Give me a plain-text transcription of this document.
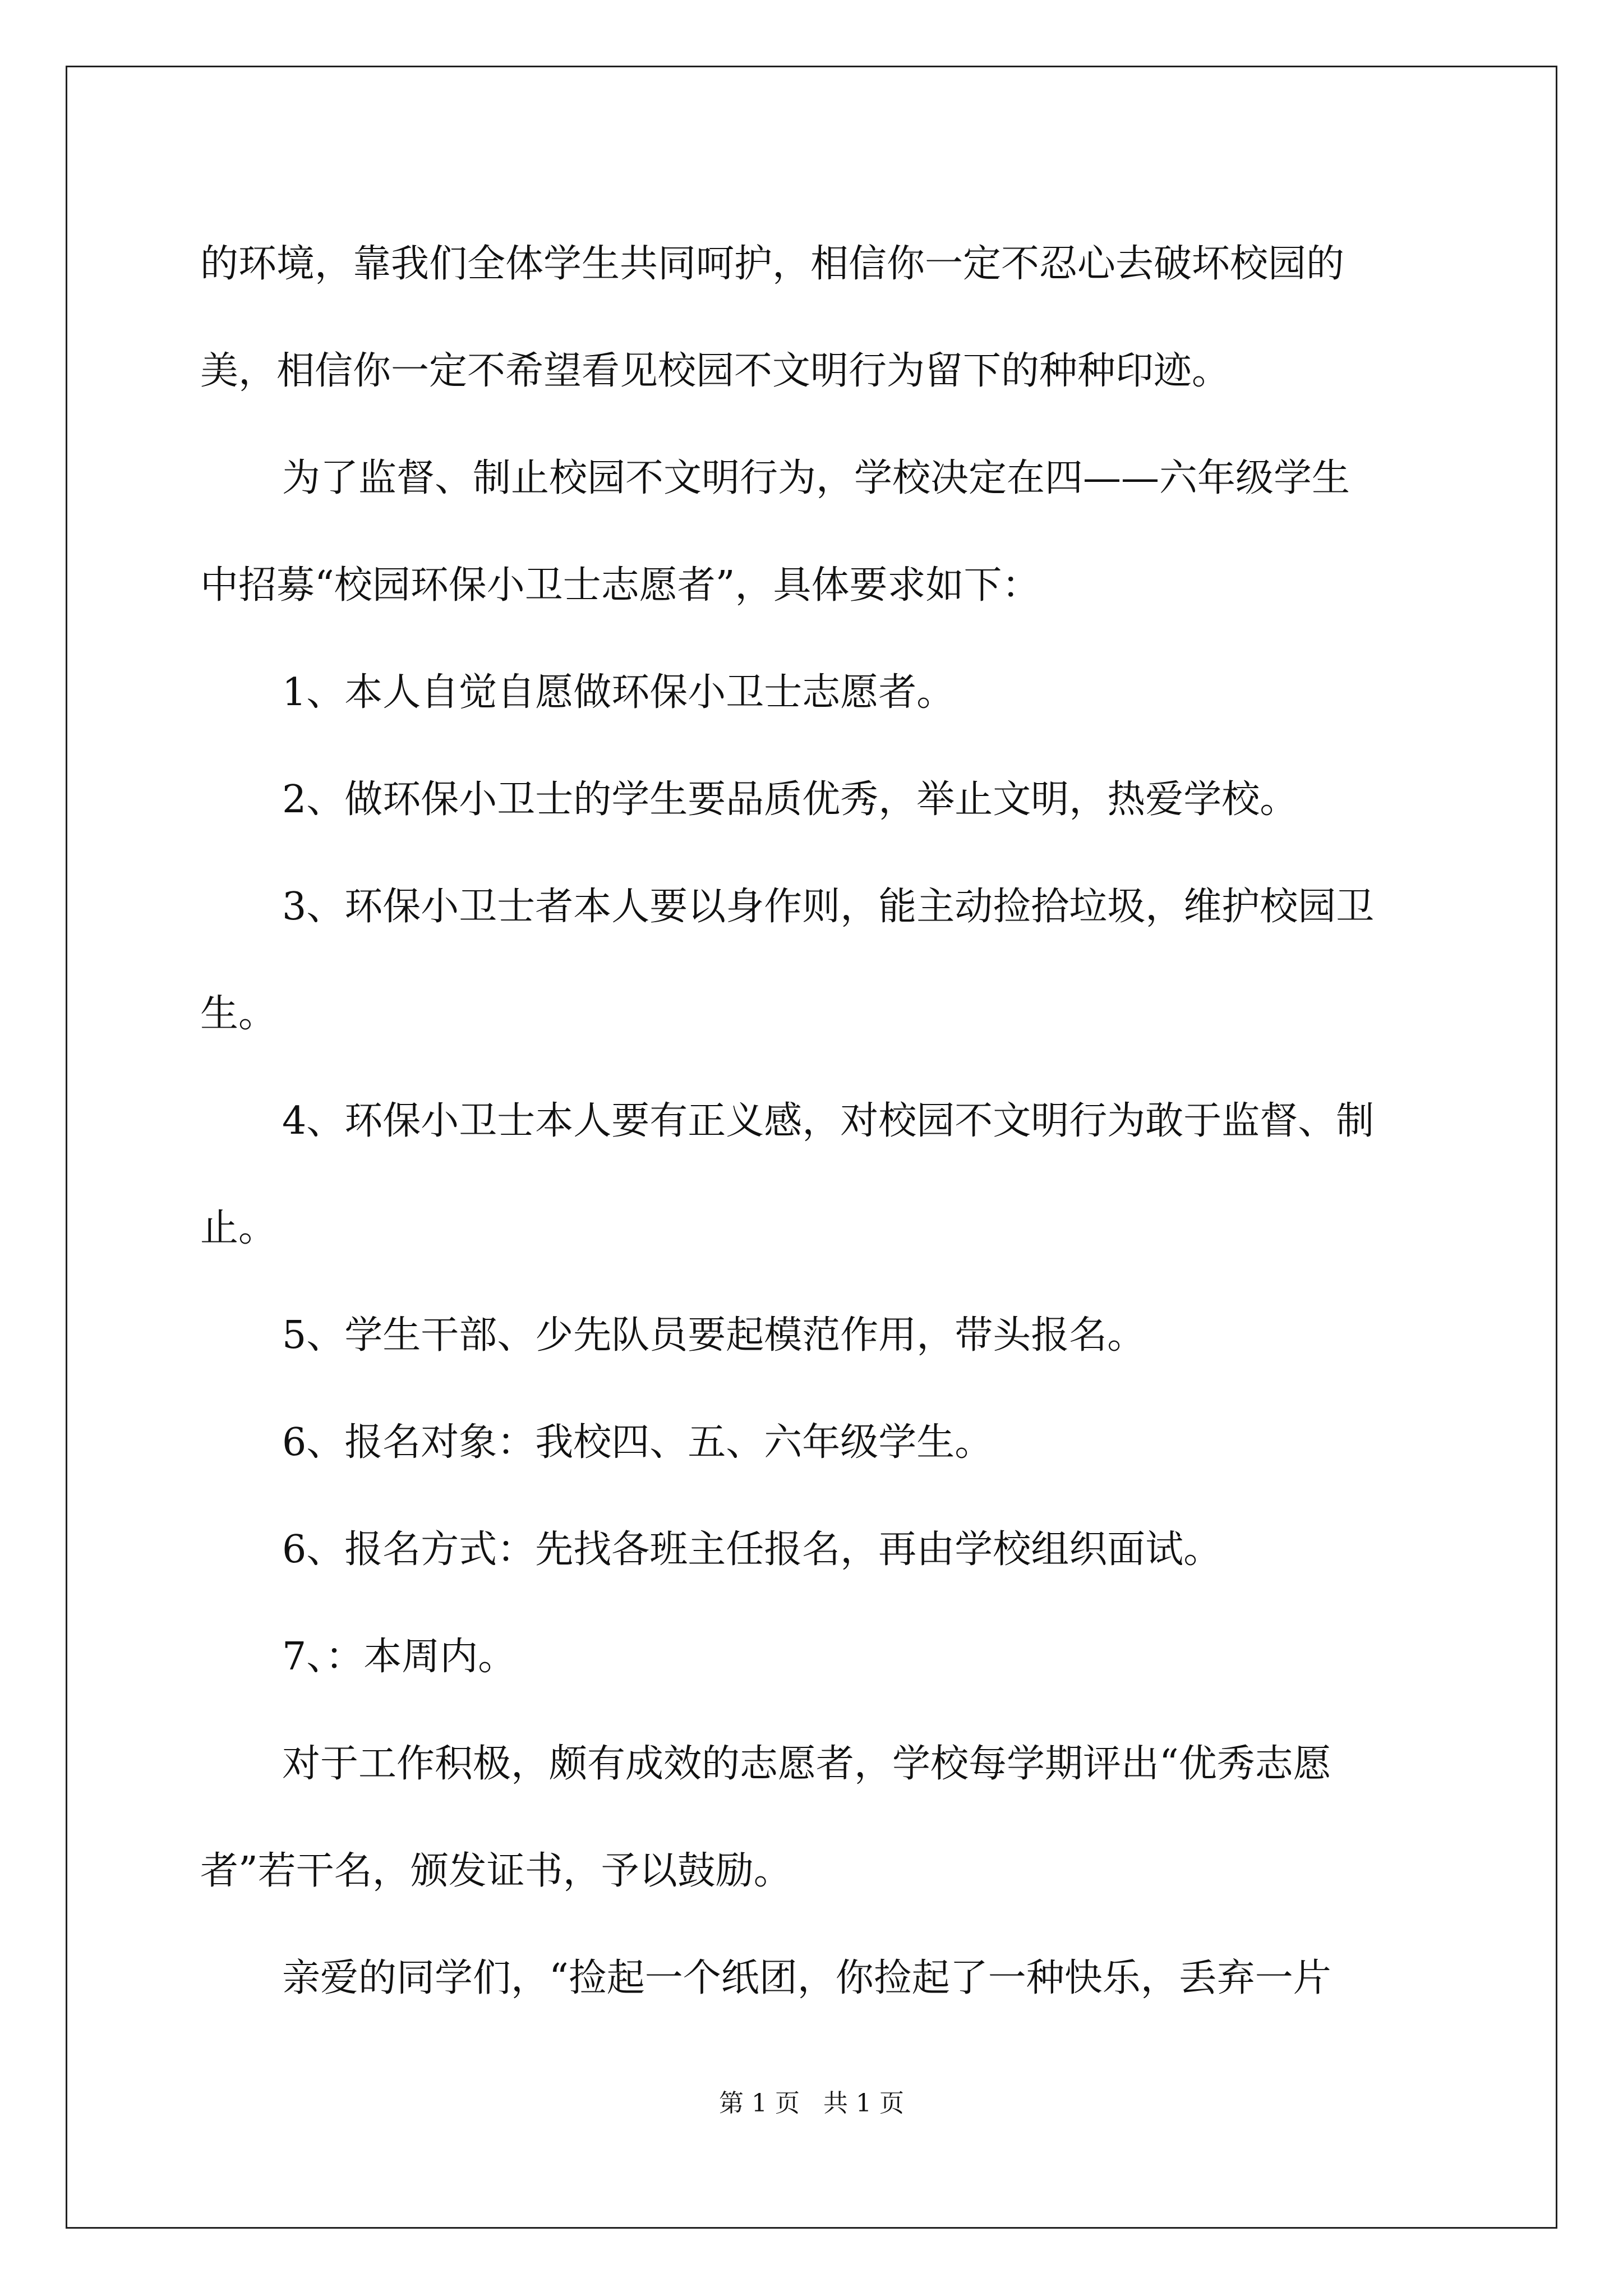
的环境，靠我们全体学生共同呵护，相信你一定不忍心去破坏校园的
美，相信你一定不希望看见校园不文明行为留下的种种印迹。
为了监督、制止校园不文明行为，学校决定在四——六年级学生
中招募“校园环保小卫士志愿者”，具体要求如下：
1、本人自觉自愿做环保小卫士志愿者。
2、做环保小卫士的学生要品质优秀，举止文明，热爱学校。
3、环保小卫士者本人要以身作则，能主动捡拾垃圾，维护校园卫
生。
4、环保小卫士本人要有正义感，对校园不文明行为敢于监督、制
止。
5、学生干部、少先队员要起模范作用，带头报名。
6、报名对象：我校四、五、六年级学生。
6、报名方式：先找各班主任报名，再由学校组织面试。
7、：本周内。
对于工作积极，颇有成效的志愿者，学校每学期评出“优秀志愿
者”若干名，颁发证书，予以鼓励。
亲爱的同学们，“捡起一个纸团，你捡起了一种快乐，丢弃一片
第 1 页   共 1 页
